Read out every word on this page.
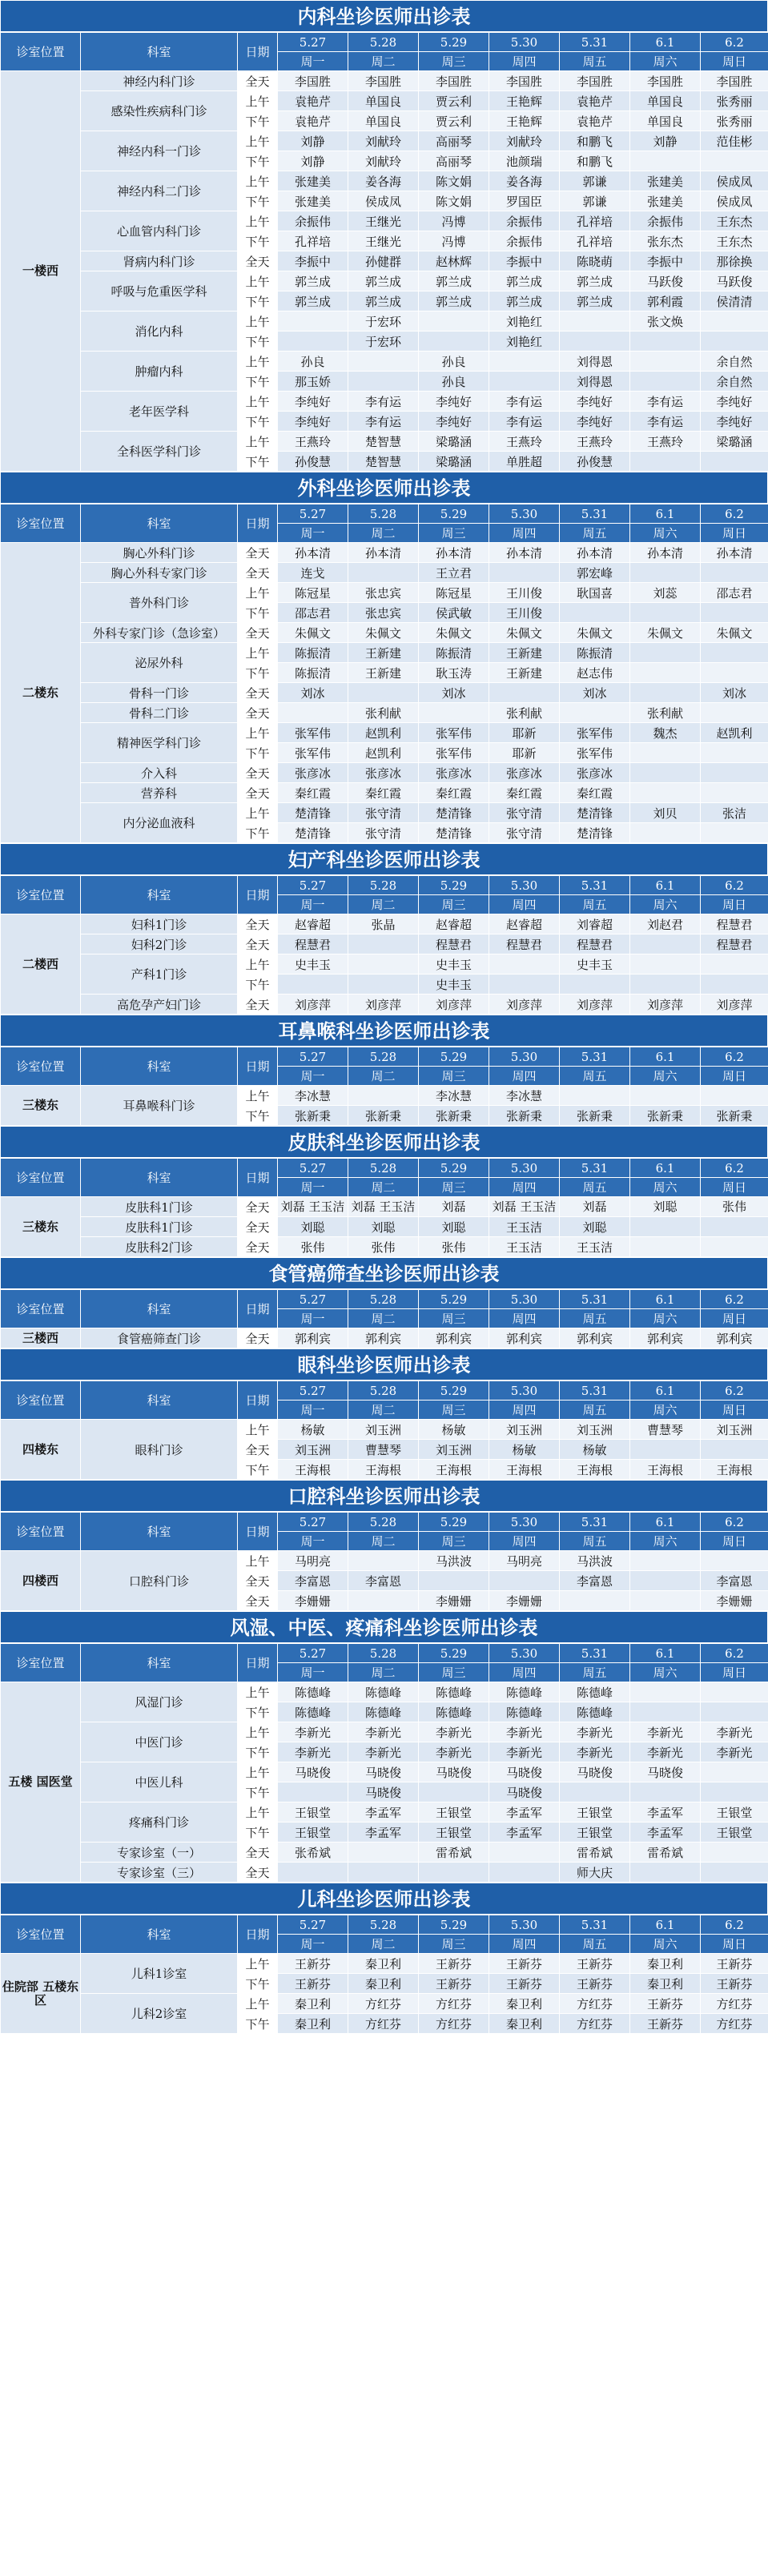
内科坐诊医师出诊表
诊室位置	科室	日期	5.27	5.28	5.29	5.30	5.31	6.1	6.2
			周一	周二	周三	周四	周五	周六	周日
一楼西	神经内科门诊	全天	李国胜	李国胜	李国胜	李国胜	李国胜	李国胜	李国胜
	感染性疾病科门诊	上午	袁艳芹	单国良	贾云利	王艳辉	袁艳芹	单国良	张秀丽
		下午	袁艳芹	单国良	贾云利	王艳辉	袁艳芹	单国良	张秀丽
	神经内科一门诊	上午	刘静	刘献玲	高丽琴	刘献玲	和鹏飞	刘静	范佳彬
		下午	刘静	刘献玲	高丽琴	池颜瑞	和鹏飞		
	神经内科二门诊	上午	张建美	姜各海	陈文娟	姜各海	郭谦	张建美	侯成凤
		下午	张建美	侯成凤	陈文娟	罗国臣	郭谦	张建美	侯成凤
	心血管内科门诊	上午	余振伟	王继光	冯博	余振伟	孔祥培	余振伟	王东杰
		下午	孔祥培	王继光	冯博	余振伟	孔祥培	张东杰	王东杰
	肾病内科门诊	全天	李振中	孙健群	赵林辉	李振中	陈晓萌	李振中	那徐换
	呼吸与危重医学科	上午	郭兰成	郭兰成	郭兰成	郭兰成	郭兰成	马跃俊	马跃俊
		下午	郭兰成	郭兰成	郭兰成	郭兰成	郭兰成	郭利霞	侯清清
	消化内科	上午		于宏环		刘艳红		张文焕	
		下午		于宏环		刘艳红			
	肿瘤内科	上午	孙良		孙良		刘得恩		余自然
		下午	那玉娇		孙良		刘得恩		余自然
	老年医学科	上午	李纯好	李有运	李纯好	李有运	李纯好	李有运	李纯好
		下午	李纯好	李有运	李纯好	李有运	李纯好	李有运	李纯好
	全科医学科门诊	上午	王燕玲	楚智慧	梁璐涵	王燕玲	王燕玲	王燕玲	梁璐涵
		下午	孙俊慧	楚智慧	梁璐涵	单胜超	孙俊慧		
外科坐诊医师出诊表
诊室位置	科室	日期	5.27	5.28	5.29	5.30	5.31	6.1	6.2
			周一	周二	周三	周四	周五	周六	周日
二楼东	胸心外科门诊	全天	孙本清	孙本清	孙本清	孙本清	孙本清	孙本清	孙本清
	胸心外科专家门诊	全天	连戈		王立君		郭宏峰		
	普外科门诊	上午	陈冠星	张忠宾	陈冠星	王川俊	耿国喜	刘蕊	邵志君
		下午	邵志君	张忠宾	侯武敏	王川俊			
	外科专家门诊（急诊室）	全天	朱佩文	朱佩文	朱佩文	朱佩文	朱佩文	朱佩文	朱佩文
	泌尿外科	上午	陈振清	王新建	陈振清	王新建	陈振清		
		下午	陈振清	王新建	耿玉涛	王新建	赵志伟		
	骨科一门诊	全天	刘冰		刘冰		刘冰		刘冰
	骨科二门诊	全天		张利献		张利献		张利献	
	精神医学科门诊	上午	张军伟	赵凯利	张军伟	耶新	张军伟	魏杰	赵凯利
		下午	张军伟	赵凯利	张军伟	耶新	张军伟		
	介入科	全天	张彦冰	张彦冰	张彦冰	张彦冰	张彦冰		
	营养科	全天	秦红霞	秦红霞	秦红霞	秦红霞	秦红霞		
	内分泌血液科	上午	楚清锋	张守清	楚清锋	张守清	楚清锋	刘贝	张洁
		下午	楚清锋	张守清	楚清锋	张守清	楚清锋		
妇产科坐诊医师出诊表
诊室位置	科室	日期	5.27	5.28	5.29	5.30	5.31	6.1	6.2
			周一	周二	周三	周四	周五	周六	周日
二楼西	妇科1门诊	全天	赵睿超	张晶	赵睿超	赵睿超	刘睿超	刘赵君	程慧君
	妇科2门诊	全天	程慧君		程慧君	程慧君	程慧君		程慧君
	产科1门诊	上午	史丰玉		史丰玉		史丰玉		
		下午			史丰玉				
	高危孕产妇门诊	全天	刘彦萍	刘彦萍	刘彦萍	刘彦萍	刘彦萍	刘彦萍	刘彦萍
耳鼻喉科坐诊医师出诊表
诊室位置	科室	日期	5.27	5.28	5.29	5.30	5.31	6.1	6.2
			周一	周二	周三	周四	周五	周六	周日
三楼东	耳鼻喉科门诊	上午	李冰慧		李冰慧	李冰慧			
		下午	张新秉	张新秉	张新秉	张新秉	张新秉	张新秉	张新秉
皮肤科坐诊医师出诊表
诊室位置	科室	日期	5.27	5.28	5.29	5.30	5.31	6.1	6.2
			周一	周二	周三	周四	周五	周六	周日
三楼东	皮肤科1门诊	全天	刘磊 王玉洁	刘磊 王玉洁	刘磊	刘磊 王玉洁	刘磊	刘聪	张伟
	皮肤科1门诊	全天	刘聪	刘聪	刘聪	王玉洁	刘聪		
	皮肤科2门诊	全天	张伟	张伟	张伟	王玉洁	王玉洁		
食管癌筛查坐诊医师出诊表
诊室位置	科室	日期	5.27	5.28	5.29	5.30	5.31	6.1	6.2
			周一	周二	周三	周四	周五	周六	周日
三楼西	食管癌筛查门诊	全天	郭利宾	郭利宾	郭利宾	郭利宾	郭利宾	郭利宾	郭利宾
眼科坐诊医师出诊表
诊室位置	科室	日期	5.27	5.28	5.29	5.30	5.31	6.1	6.2
			周一	周二	周三	周四	周五	周六	周日
四楼东	眼科门诊	上午	杨敏	刘玉洲	杨敏	刘玉洲	刘玉洲	曹慧琴	刘玉洲
		全天	刘玉洲	曹慧琴	刘玉洲	杨敏	杨敏		
		下午	王海根	王海根	王海根	王海根	王海根	王海根	王海根
口腔科坐诊医师出诊表
诊室位置	科室	日期	5.27	5.28	5.29	5.30	5.31	6.1	6.2
			周一	周二	周三	周四	周五	周六	周日
四楼西	口腔科门诊	上午	马明亮		马洪波	马明亮	马洪波		
		全天	李富恩	李富恩			李富恩		李富恩
		全天	李姗姗		李姗姗	李姗姗			李姗姗
风湿、中医、疼痛科坐诊医师出诊表
诊室位置	科室	日期	5.27	5.28	5.29	5.30	5.31	6.1	6.2
			周一	周二	周三	周四	周五	周六	周日
五楼 国医堂	风湿门诊	上午	陈德峰	陈德峰	陈德峰	陈德峰	陈德峰		
		下午	陈德峰	陈德峰	陈德峰	陈德峰	陈德峰		
	中医门诊	上午	李新光	李新光	李新光	李新光	李新光	李新光	李新光
		下午	李新光	李新光	李新光	李新光	李新光	李新光	李新光
	中医儿科	上午	马晓俊	马晓俊	马晓俊	马晓俊	马晓俊	马晓俊	
		下午		马晓俊		马晓俊			
	疼痛科门诊	上午	王银堂	李孟军	王银堂	李孟军	王银堂	李孟军	王银堂
		下午	王银堂	李孟军	王银堂	李孟军	王银堂	李孟军	王银堂
	专家诊室（一）	全天	张希斌		雷希斌		雷希斌	雷希斌	
	专家诊室（三）	全天					师大庆		
儿科坐诊医师出诊表
诊室位置	科室	日期	5.27	5.28	5.29	5.30	5.31	6.1	6.2
			周一	周二	周三	周四	周五	周六	周日
住院部 五楼东区	儿科1诊室	上午	王新芬	秦卫利	王新芬	王新芬	王新芬	秦卫利	王新芬
		下午	王新芬	秦卫利	王新芬	王新芬	王新芬	秦卫利	王新芬
	儿科2诊室	上午	秦卫利	方红芬	方红芬	秦卫利	方红芬	王新芬	方红芬
		下午	秦卫利	方红芬	方红芬	秦卫利	方红芬	王新芬	方红芬
